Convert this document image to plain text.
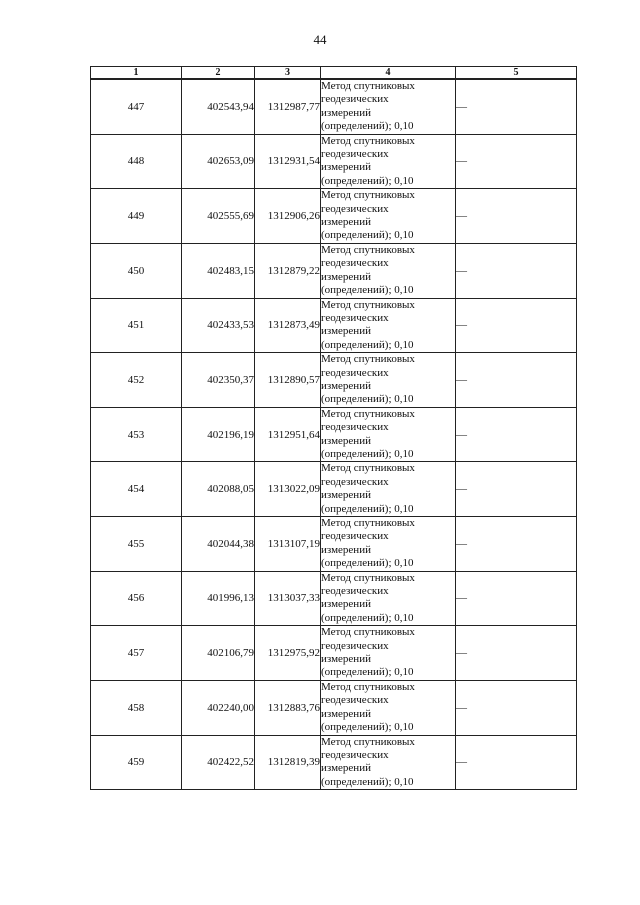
44
1	2	3	4	5
447	402543,94	1312987,77	Метод спутниковых
геодезических
измерений
(определений); 0,10	—
448	402653,09	1312931,54	Метод спутниковых
геодезических
измерений
(определений); 0,10	—
449	402555,69	1312906,26	Метод спутниковых
геодезических
измерений
(определений); 0,10	—
450	402483,15	1312879,22	Метод спутниковых
геодезических
измерений
(определений); 0,10	—
451	402433,53	1312873,49	Метод спутниковых
геодезических
измерений
(определений); 0,10	—
452	402350,37	1312890,57	Метод спутниковых
геодезических
измерений
(определений); 0,10	—
453	402196,19	1312951,64	Метод спутниковых
геодезических
измерений
(определений); 0,10	—
454	402088,05	1313022,09	Метод спутниковых
геодезических
измерений
(определений); 0,10	—
455	402044,38	1313107,19	Метод спутниковых
геодезических
измерений
(определений); 0,10	—
456	401996,13	1313037,33	Метод спутниковых
геодезических
измерений
(определений); 0,10	—
457	402106,79	1312975,92	Метод спутниковых
геодезических
измерений
(определений); 0,10	—
458	402240,00	1312883,76	Метод спутниковых
геодезических
измерений
(определений); 0,10	—
459	402422,52	1312819,39	Метод спутниковых
геодезических
измерений
(определений); 0,10	—
